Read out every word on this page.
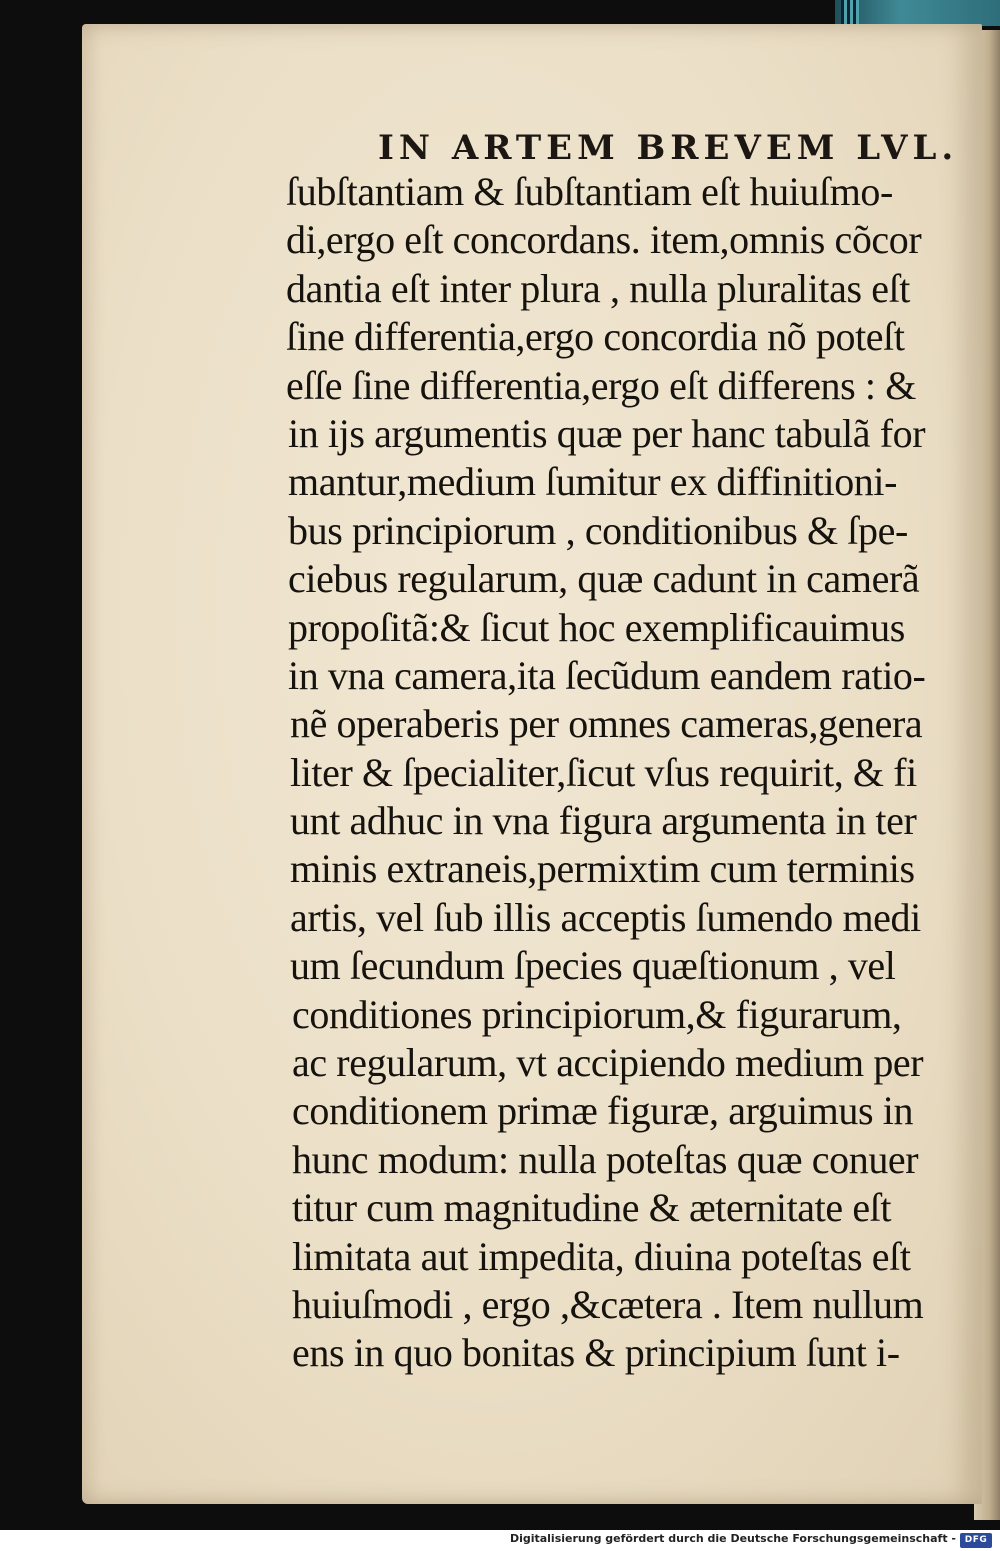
IN ARTEM BREVEM LVL.
ſubſtantiam & ſubſtantiam eſt huiuſmo-
di,ergo eſt concordans. item,omnis cõcor
dantia eſt inter plura , nulla pluralitas eſt
ſine differentia,ergo concordia nõ poteſt
eſſe ſine differentia,ergo eſt differens : &
in ijs argumentis quæ per hanc tabulã for
mantur,medium ſumitur ex diffinitioni-
bus principiorum , conditionibus & ſpe-
ciebus regularum, quæ cadunt in camerã
propoſitã:& ſicut hoc exemplificauimus
in vna camera,ita ſecũdum eandem ratio-
nẽ operaberis per omnes cameras,genera
liter & ſpecialiter,ſicut vſus requirit, & fi
unt adhuc in vna figura argumenta in ter
minis extraneis,permixtim cum terminis
artis, vel ſub illis acceptis ſumendo medi
um ſecundum ſpecies quæſtionum , vel
conditiones principiorum,& figurarum,
ac regularum, vt accipiendo medium per
conditionem primæ figuræ, arguimus in
hunc modum: nulla poteſtas quæ conuer
titur cum magnitudine & æternitate eſt
limitata aut impedita, diuina poteſtas eſt
huiuſmodi , ergo ,&cætera . Item nullum
ens in quo bonitas & principium ſunt i-
Digitalisierung gefördert durch die Deutsche Forschungsgemeinschaft - DFG
